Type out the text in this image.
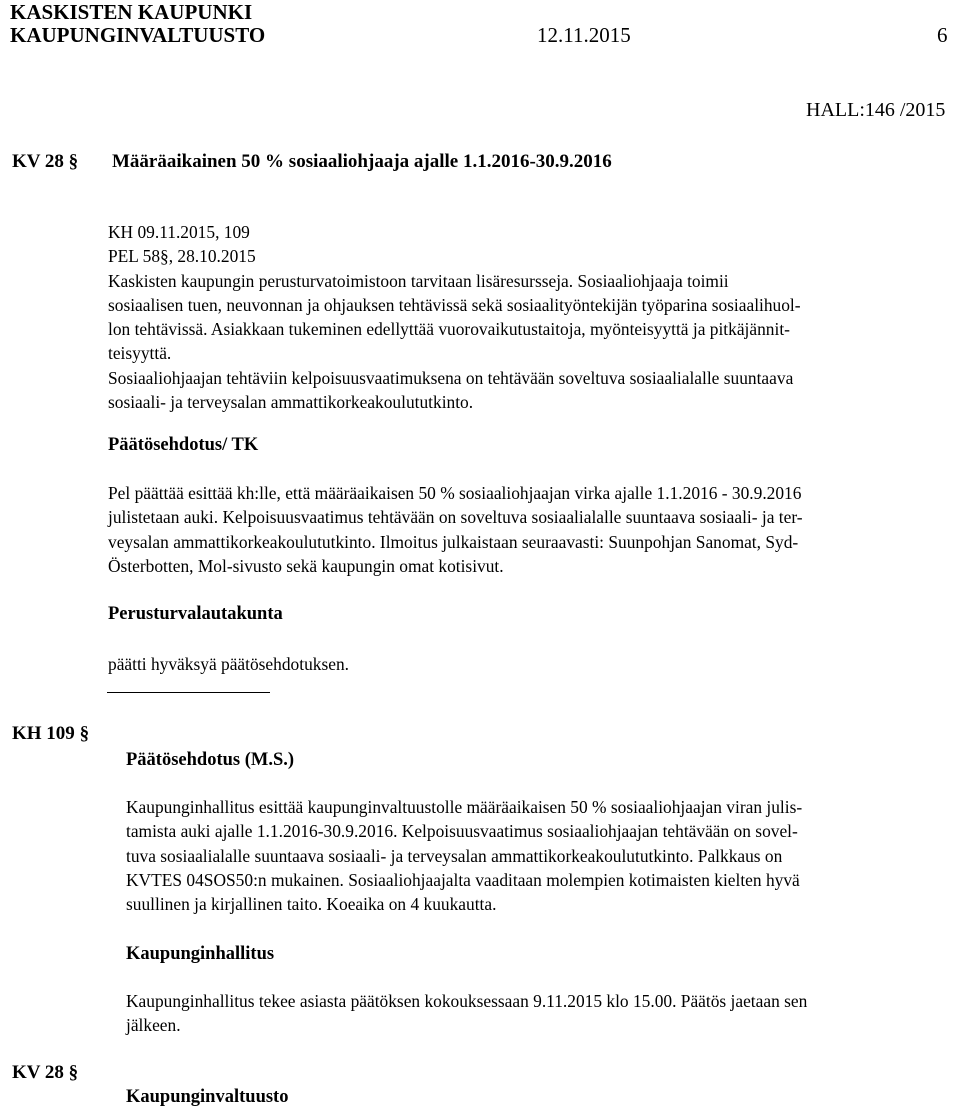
KASKISTEN KAUPUNKI
KAUPUNGINVALTUUSTO	12.11.2015	6
HALL:146 /2015
KV 28 § Määräaikainen 50 % sosiaaliohjaaja ajalle 1.1.2016-30.9.2016
KH 09.11.2015, 109
PEL 58§, 28.10.2015
Kaskisten kaupungin perusturvatoimistoon tarvitaan lisäresursseja. Sosiaaliohjaaja toimii
sosiaalisen tuen, neuvonnan ja ohjauksen tehtävissä sekä sosiaalityöntekijän työparina sosiaalihuol-
lon tehtävissä. Asiakkaan tukeminen edellyttää vuorovaikutustaitoja, myönteisyyttä ja pitkäjännit-
teisyyttä.
Sosiaaliohjaajan tehtäviin kelpoisuusvaatimuksena on tehtävään soveltuva sosiaalialalle suuntaava
sosiaali- ja terveysalan ammattikorkeakoulututkinto.
Päätösehdotus/ TK
Pel päättää esittää kh:lle, että määräaikaisen 50 % sosiaaliohjaajan virka ajalle 1.1.2016 - 30.9.2016
julistetaan auki. Kelpoisuusvaatimus tehtävään on soveltuva sosiaalialalle suuntaava sosiaali- ja ter-
veysalan ammattikorkeakoulututkinto. Ilmoitus julkaistaan seuraavasti: Suunpohjan Sanomat, Syd-
Österbotten, Mol-sivusto sekä kaupungin omat kotisivut.
Perusturvalautakunta
päätti hyväksyä päätösehdotuksen.
KH 109 §
Päätösehdotus (M.S.)
Kaupunginhallitus esittää kaupunginvaltuustolle määräaikaisen 50 % sosiaaliohjaajan viran julis-
tamista auki ajalle 1.1.2016-30.9.2016. Kelpoisuusvaatimus sosiaaliohjaajan tehtävään on sovel-
tuva sosiaalialalle suuntaava sosiaali- ja terveysalan ammattikorkeakoulututkinto. Palkkaus on
KVTES 04SOS50:n mukainen. Sosiaaliohjaajalta vaaditaan molempien kotimaisten kielten hyvä
suullinen ja kirjallinen taito. Koeaika on 4 kuukautta.
Kaupunginhallitus
Kaupunginhallitus tekee asiasta päätöksen kokouksessaan 9.11.2015 klo 15.00. Päätös jaetaan sen
jälkeen.
KV 28 §
Kaupunginvaltuusto
